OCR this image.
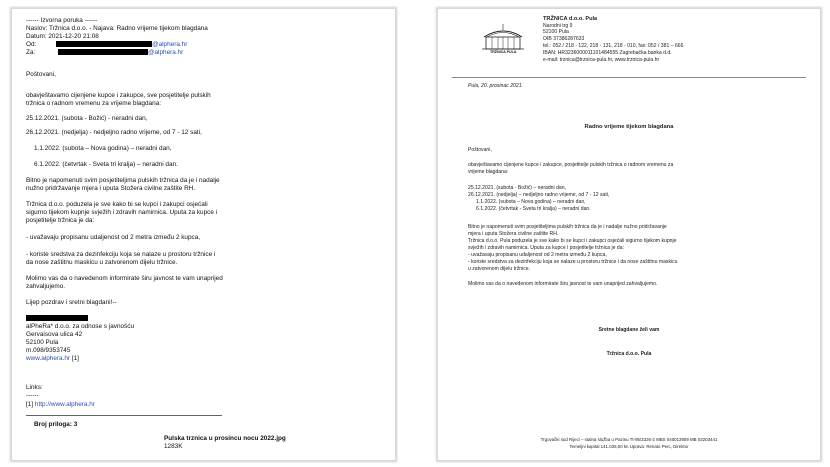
------ Izvorna poruka ------
Naslov: Tržnica d.o.o. - Najava: Radno vrijeme tijekom blagdana
Datum: 2021-12-20 21:08
Od:	@alphera.hr
Za:	@alphera.hr
Poštovani,
obavještavamo cijenjene kupce i zakupce, sve posjetitelje pulskih
tržnica o radnom vremenu za vrijeme blagdana:
25.12.2021. (subota - Božić) - neradni dan,
26.12.2021. (nedjelja) - nedjeljno radno vrijeme, od 7 - 12 sati,
1.1.2022. (subota – Nova godina) – neradni dan,
6.1.2022. (četvrtak - Sveta tri kralja) – neradni dan.
Bitno je napomenuti svim posjetiteljima pulskih tržnica da je i nadalje
nužno pridržavanje mjera i uputa Stožera civilne zaštite RH.
Tržnica d.o.o. poduzela je sve kako bi se kupci i zakupci osjećali
sigurno tijekom kupnje svježih i zdravih namirnica. Uputa za kupce i
posjetitelje tržnica je da:
- uvažavaju propisanu udaljenost od 2 metra između 2 kupca,
- koriste sredstva za dezinfekciju koja se nalaze u prostoru tržnice i
da nose zaštitnu maskicu u zatvorenom dijelu tržnice.
Molimo vas da o navedenom informirate širu javnost te vam unaprijed
zahvaljujemo.
Lijep pozdrav i sretni blagdani!--
alPheRa* d.o.o. za odnose s javnošću
Gervaisova ulica 42
52100 Pula
m.098/9353745
www.alphera.hr [1]
Links:
------
[1] http://www.alphera.hr
Broj priloga: 3
Pulska trznica u prosincu nocu 2022.jpg
1283K
TRŽNICA PULA
TRŽNICA d.o.o. Pula
Narodni trg 9
52100 Pula
OIB 37386287633
tel.: 052 / 218 - 122, 218 - 131, 218 - 010, fax: 052 / 381 – 666
IBAN: HR3236000011101484555 Zagrebačka banka d.d.
e-mail: trznica@trznica-pula.hr, www.trznica-pula.hr
Pula, 20. prosinac 2021.
Radno vrijeme tijekom blagdana
Poštovani,
obavještavamo cijenjene kupce i zakupce, posjetitelje pulskih tržnica o radnom vremenu za
vrijeme blagdana:
25.12.2021. (subota - Božić) – neradni dan,
26.12.2021. (nedjelja) – nedjeljno radno vrijeme, od 7 - 12 sati,
1.1.2022. (subota – Nova godina) – neradni dan,
6.1.2022. (četvrtak - Sveta tri kralja) – neradni dan.
Bitno je napomenuti svim posjetiteljima pulskih tržnica da je i nadalje nužno pridržavanje
mjera i uputa Stožera civilne zaštite RH.
Tržnica d.o.o. Pula poduzela je sve kako bi se kupci i zakupci osjećali sigurno tijekom kupnje
svježih i zdravih namirnica. Uputa za kupce i posjetitelje tržnica je da:
- uvažavaju propisanu udaljenost od 2 metra između 2 kupca,
- koriste sredstva za dezinfekciju koja se nalaze u prostoru tržnice i da nose zaštitnu maskicu
u zatvorenom dijelu tržnice.
Molimo vas da o navedenom informirate širu javnost te vam unaprijed zahvaljujemo.
Sretne blagdane želi vam
Tržnica d.o.o. Pula
Trgovački sud Rijeci – stalna služba u Pazinu Tt-95/3326-2 MBS 040013909 MB 03203441
Temeljni kapital 141.035,00 kn Uprava: Renato Perc, Direktor
